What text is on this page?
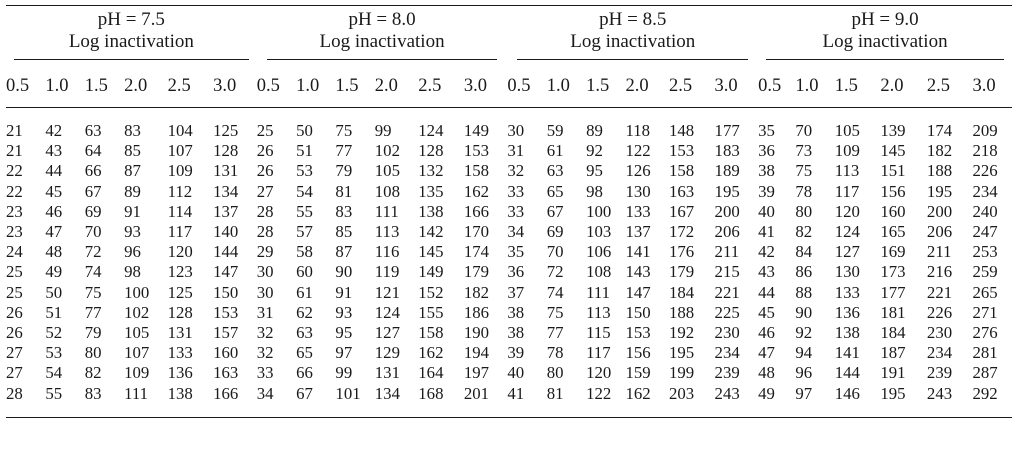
pH = 7.5						pH = 8.0						pH = 8.5						pH = 9.0					
Log inactivation						Log inactivation						Log inactivation						Log inactivation					
0.5	1.0	1.5	2.0	2.5	3.0	0.5	1.0	1.5	2.0	2.5	3.0	0.5	1.0	1.5	2.0	2.5	3.0	0.5	1.0	1.5	2.0	2.5	3.0
21	42	63	83	104	125	25	50	75	99	124	149	30	59	89	118	148	177	35	70	105	139	174	209
21	43	64	85	107	128	26	51	77	102	128	153	31	61	92	122	153	183	36	73	109	145	182	218
22	44	66	87	109	131	26	53	79	105	132	158	32	63	95	126	158	189	38	75	113	151	188	226
22	45	67	89	112	134	27	54	81	108	135	162	33	65	98	130	163	195	39	78	117	156	195	234
23	46	69	91	114	137	28	55	83	111	138	166	33	67	100	133	167	200	40	80	120	160	200	240
23	47	70	93	117	140	28	57	85	113	142	170	34	69	103	137	172	206	41	82	124	165	206	247
24	48	72	96	120	144	29	58	87	116	145	174	35	70	106	141	176	211	42	84	127	169	211	253
25	49	74	98	123	147	30	60	90	119	149	179	36	72	108	143	179	215	43	86	130	173	216	259
25	50	75	100	125	150	30	61	91	121	152	182	37	74	111	147	184	221	44	88	133	177	221	265
26	51	77	102	128	153	31	62	93	124	155	186	38	75	113	150	188	225	45	90	136	181	226	271
26	52	79	105	131	157	32	63	95	127	158	190	38	77	115	153	192	230	46	92	138	184	230	276
27	53	80	107	133	160	32	65	97	129	162	194	39	78	117	156	195	234	47	94	141	187	234	281
27	54	82	109	136	163	33	66	99	131	164	197	40	80	120	159	199	239	48	96	144	191	239	287
28	55	83	111	138	166	34	67	101	134	168	201	41	81	122	162	203	243	49	97	146	195	243	292
